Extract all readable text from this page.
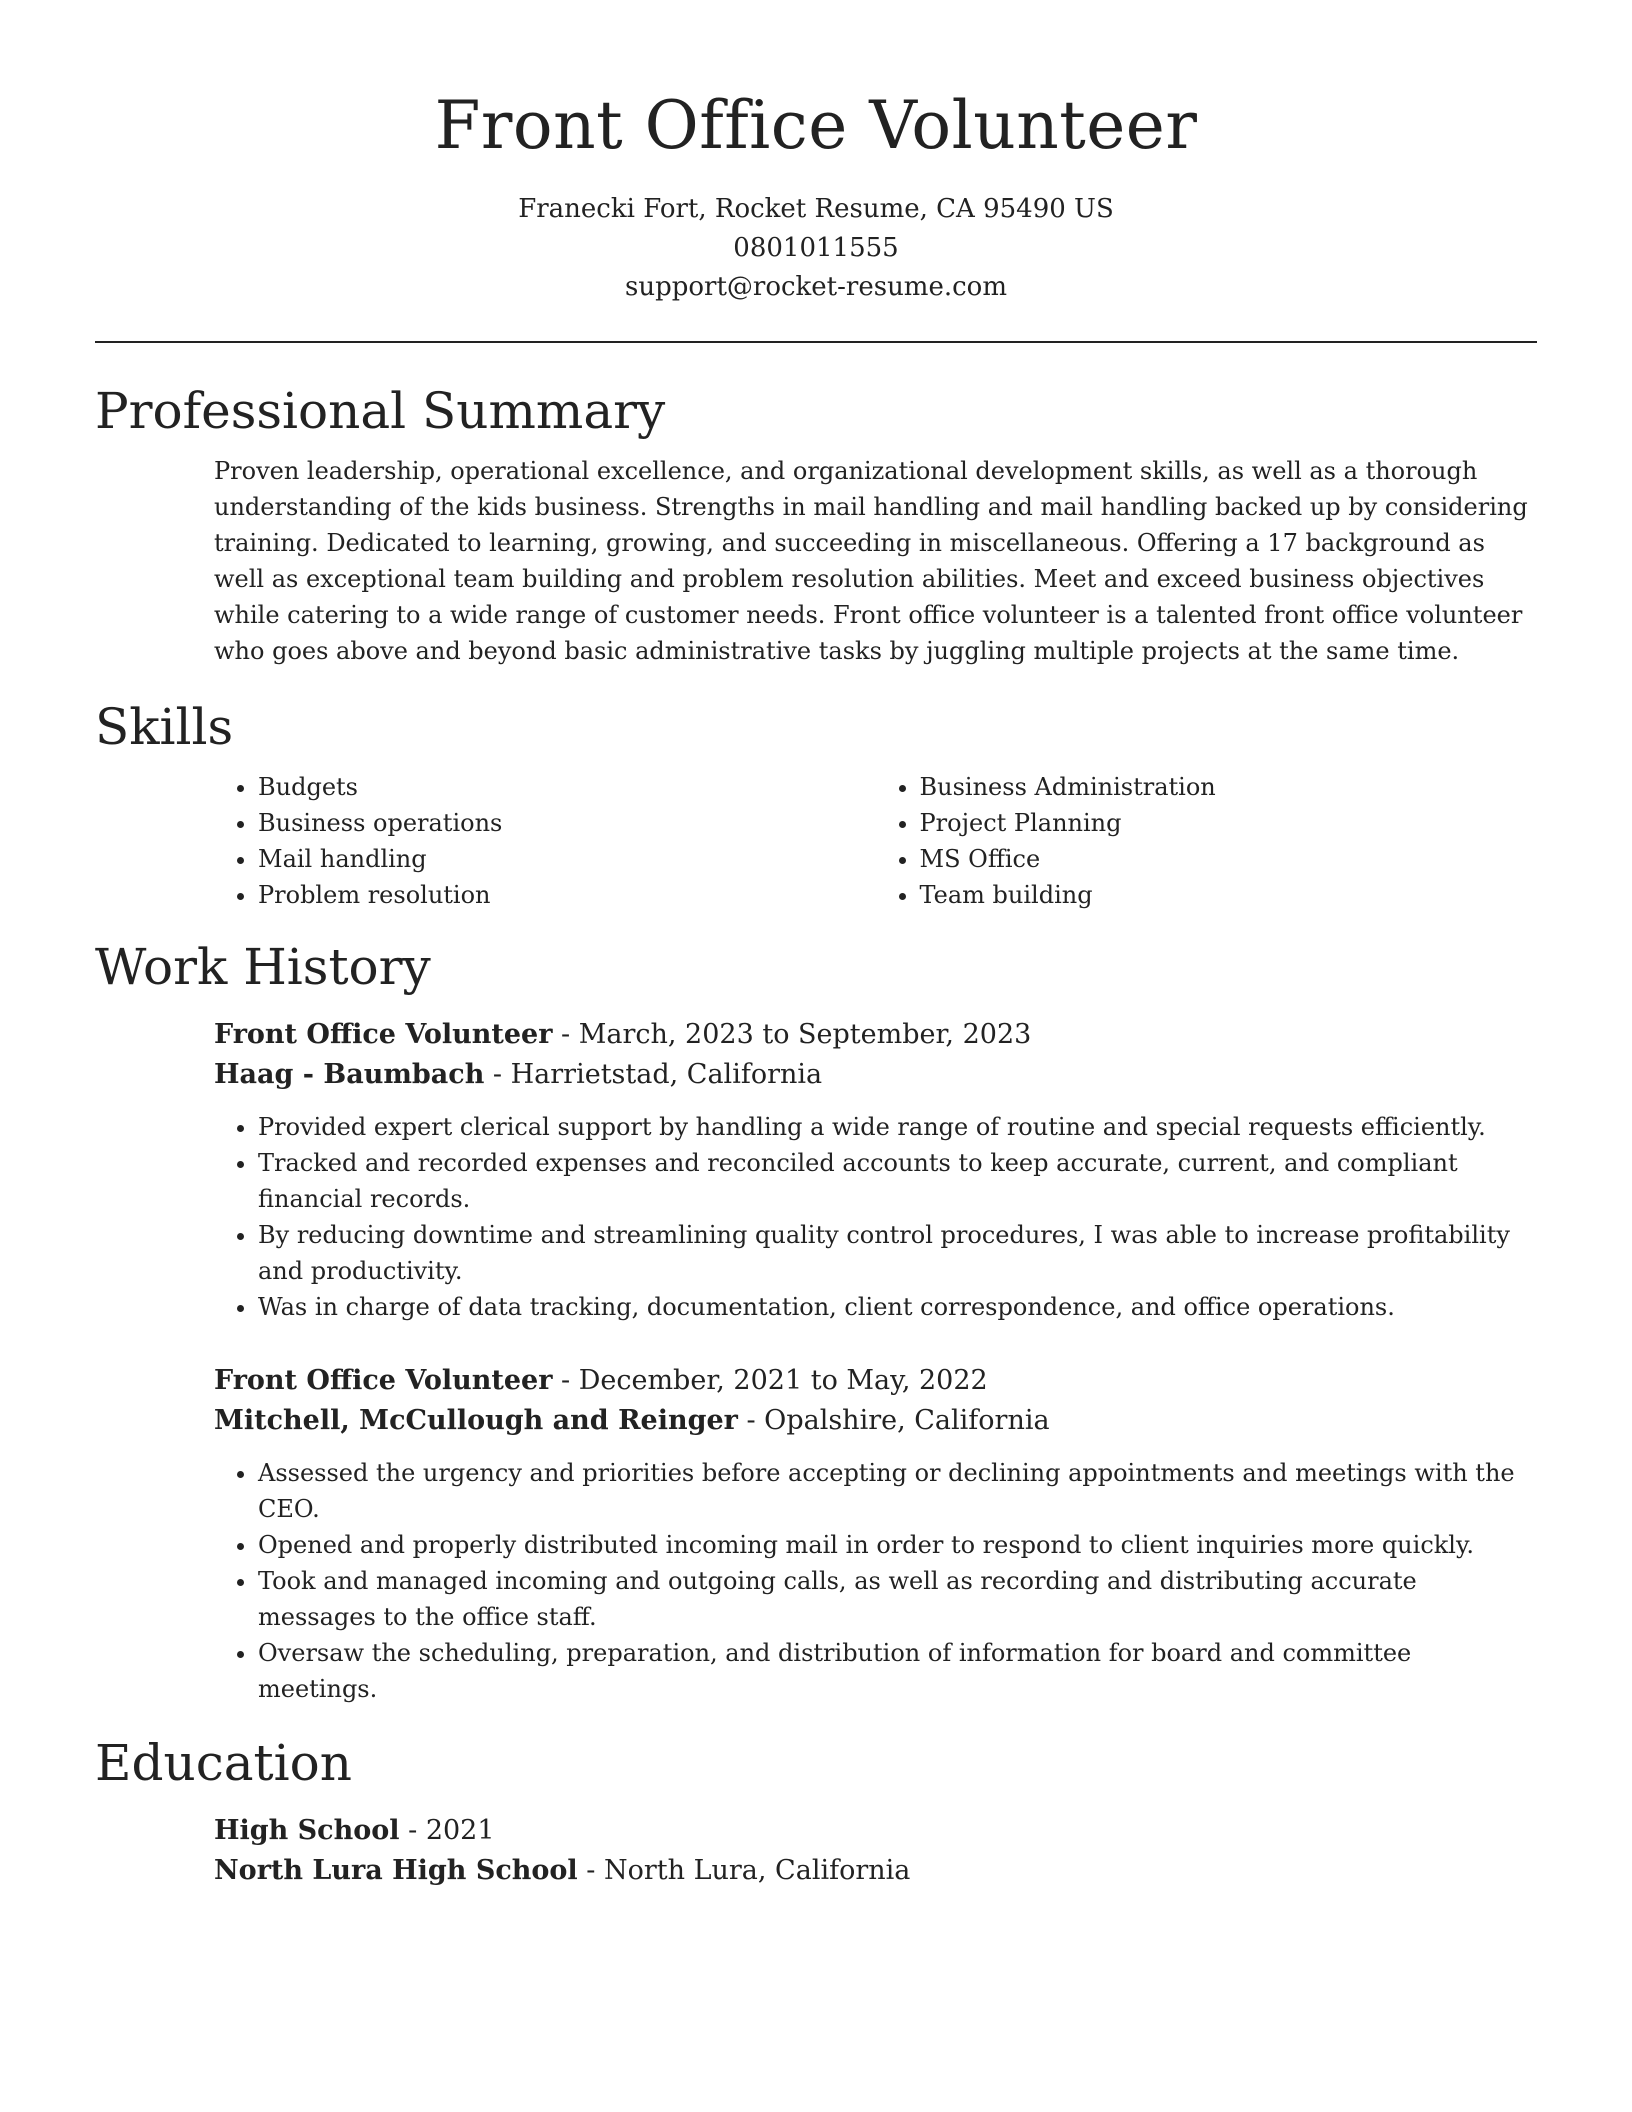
Front Office Volunteer
Franecki Fort, Rocket Resume, CA 95490 US
0801011555
support@rocket-resume.com
Professional Summary

Proven leadership, operational excellence, and organizational development skills, as well as a thorough understanding of the kids business. Strengths in mail handling and mail handling backed up by considering training. Dedicated to learning, growing, and succeeding in miscellaneous. Offering a 17 background as well as exceptional team building and problem resolution abilities. Meet and exceed business objectives while catering to a wide range of customer needs. Front office volunteer is a talented front office volunteer who goes above and beyond basic administrative tasks by juggling multiple projects at the same time.

Skills
• Budgets
• Business operations
• Mail handling
• Problem resolution
• Business Administration
• Project Planning
• MS Office
• Team building
Work History
Front Office Volunteer - March, 2023 to September, 2023
Haag - Baumbach - Harrietstad, California
• Provided expert clerical support by handling a wide range of routine and special requests efficiently.
• Tracked and recorded expenses and reconciled accounts to keep accurate, current, and compliant financial records.
• By reducing downtime and streamlining quality control procedures, I was able to increase profitability and productivity.
• Was in charge of data tracking, documentation, client correspondence, and office operations.
Front Office Volunteer - December, 2021 to May, 2022
Mitchell, McCullough and Reinger - Opalshire, California
• Assessed the urgency and priorities before accepting or declining appointments and meetings with the CEO.
• Opened and properly distributed incoming mail in order to respond to client inquiries more quickly.
• Took and managed incoming and outgoing calls, as well as recording and distributing accurate messages to the office staff.
• Oversaw the scheduling, preparation, and distribution of information for board and committee meetings.
Education
High School - 2021
North Lura High School - North Lura, California
